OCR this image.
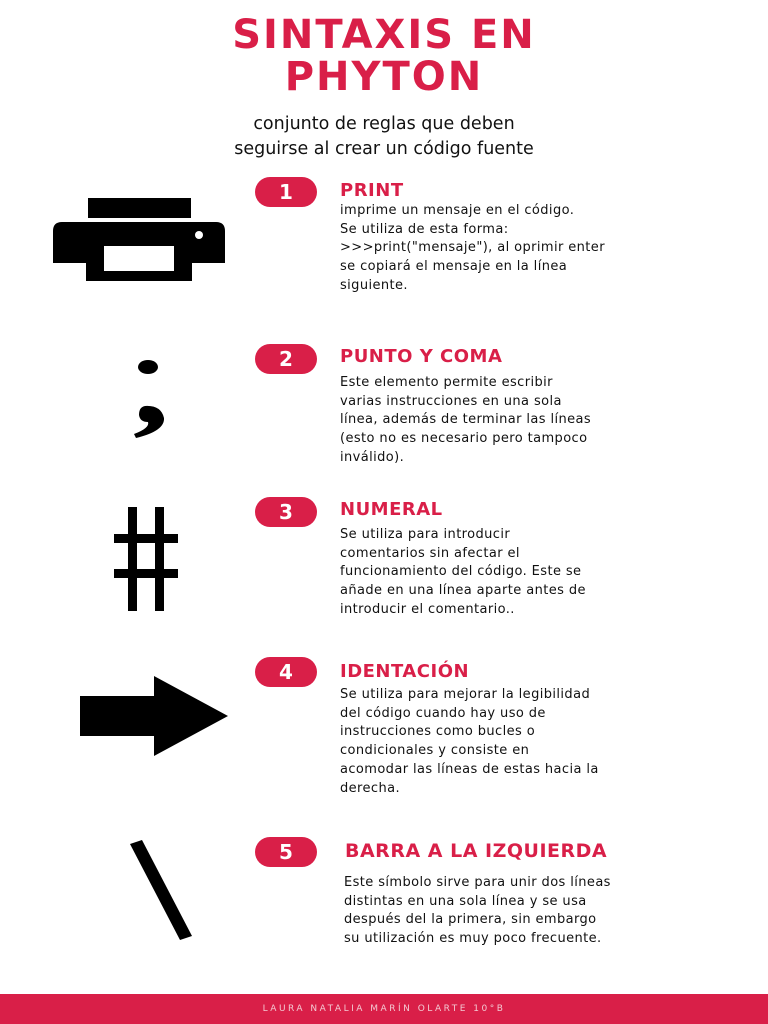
SINTAXIS EN
PHYTON
conjunto de reglas que deben
seguirse al crear un código fuente
1	PRINT
imprime un mensaje en el código.
Se utiliza de esta forma:
>>>print("mensaje"), al oprimir enter
se copiará el mensaje en la línea
siguiente.
2	PUNTO Y COMA
Este elemento permite escribir
varias instrucciones en una sola
línea, además de terminar las líneas
(esto no es necesario pero tampoco
inválido).
3	NUMERAL
Se utiliza para introducir
comentarios sin afectar el
funcionamiento del código. Este se
añade en una línea aparte antes de
introducir el comentario..
4	IDENTACIÓN
Se utiliza para mejorar la legibilidad
del código cuando hay uso de
instrucciones como bucles o
condicionales y consiste en
acomodar las líneas de estas hacia la
derecha.
5	BARRA A LA IZQUIERDA
Este símbolo sirve para unir dos líneas
distintas en una sola línea y se usa
después del la primera, sin embargo
su utilización es muy poco frecuente.
LAURA NATALIA MARÍN OLARTE 10°B
